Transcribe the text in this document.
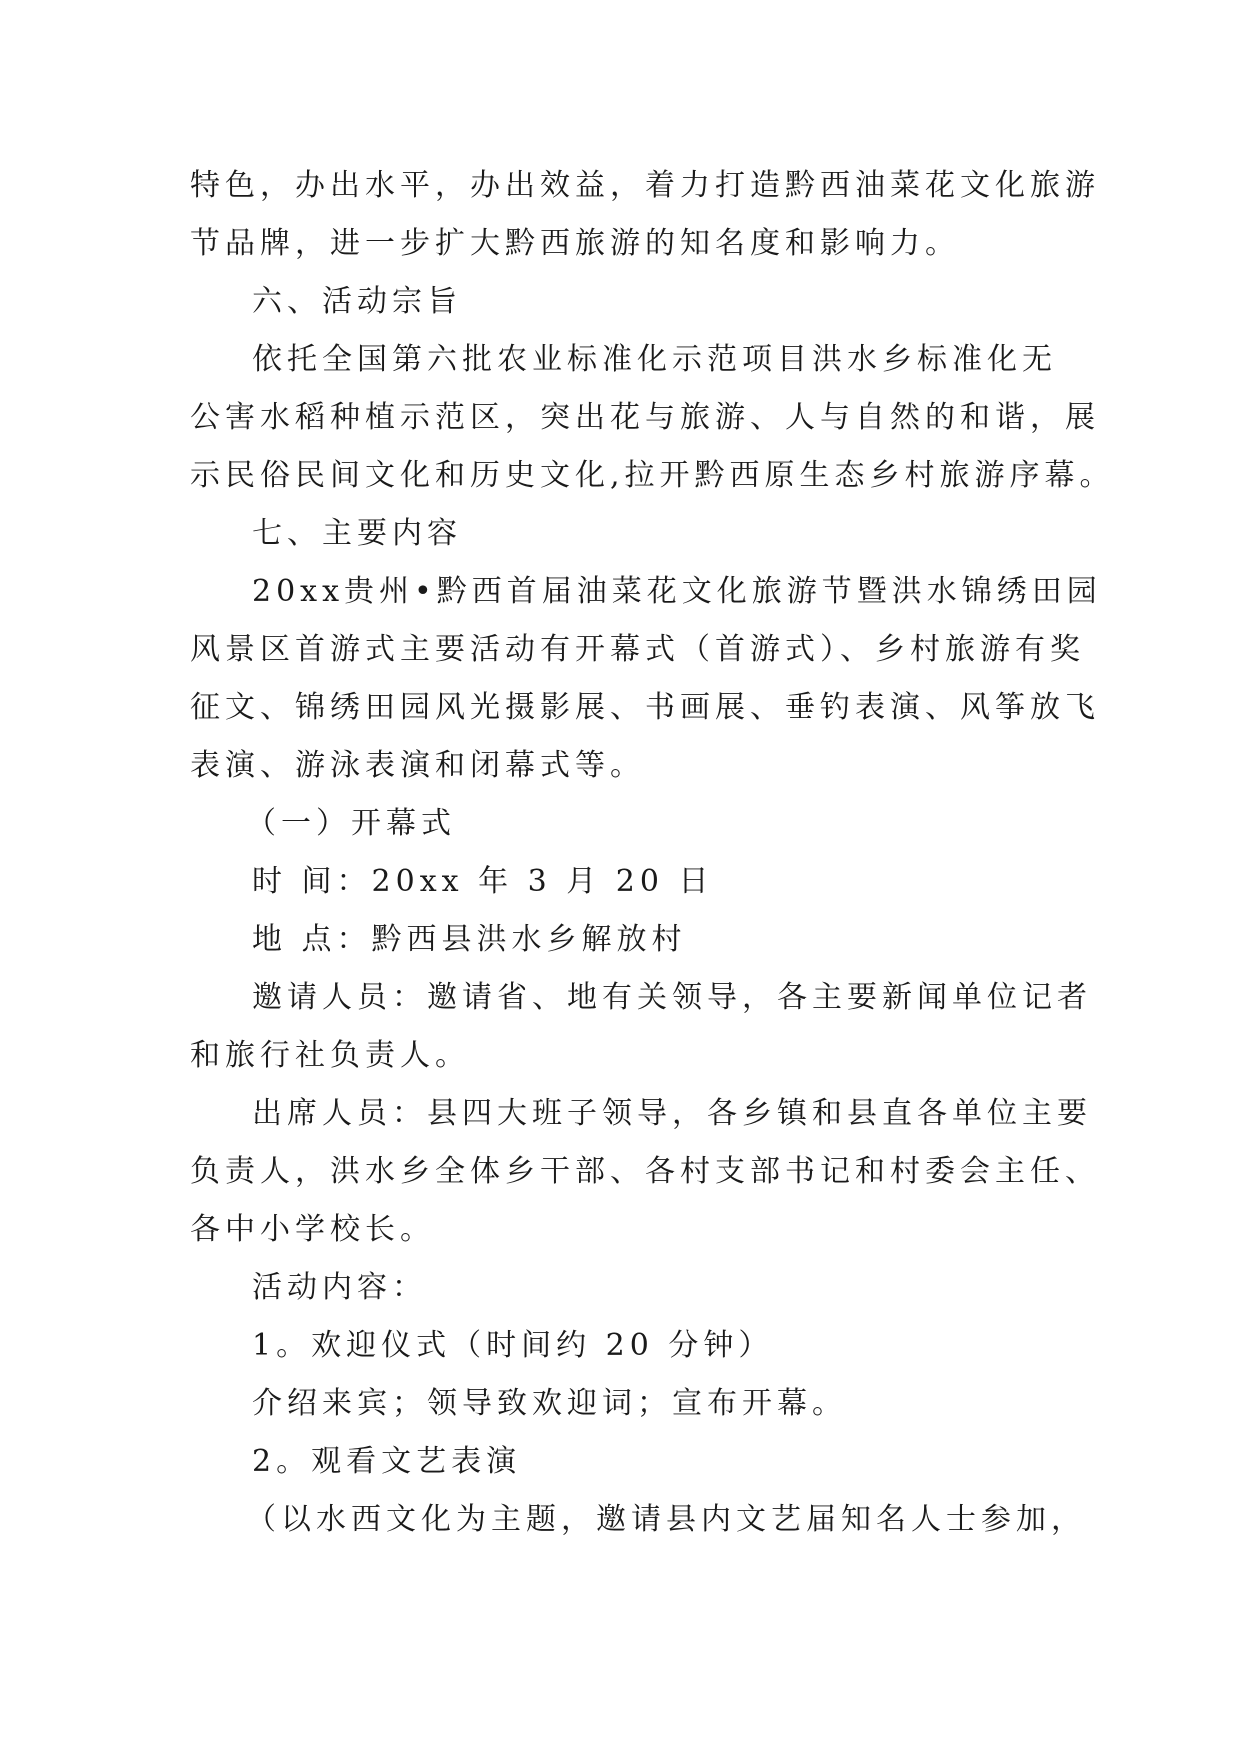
特色，办出水平，办出效益，着力打造黔西油菜花文化旅游

节品牌，进一步扩大黔西旅游的知名度和影响力。

六、活动宗旨

依托全国第六批农业标准化示范项目洪水乡标准化无

公害水稻种植示范区，突出花与旅游、人与自然的和谐，展

示民俗民间文化和历史文化,拉开黔西原生态乡村旅游序幕。

七、主要内容

20xx贵州•黔西首届油菜花文化旅游节暨洪水锦绣田园

风景区首游式主要活动有开幕式（首游式）、乡村旅游有奖

征文、锦绣田园风光摄影展、书画展、垂钓表演、风筝放飞

表演、游泳表演和闭幕式等。

（一）开幕式

时 间：20xx 年 3 月 20 日

地 点：黔西县洪水乡解放村

邀请人员：邀请省、地有关领导，各主要新闻单位记者

和旅行社负责人。

出席人员：县四大班子领导，各乡镇和县直各单位主要

负责人，洪水乡全体乡干部、各村支部书记和村委会主任、

各中小学校长。

活动内容：

1。欢迎仪式（时间约 20 分钟）

介绍来宾；领导致欢迎词；宣布开幕。

2。观看文艺表演

（以水西文化为主题，邀请县内文艺届知名人士参加，
